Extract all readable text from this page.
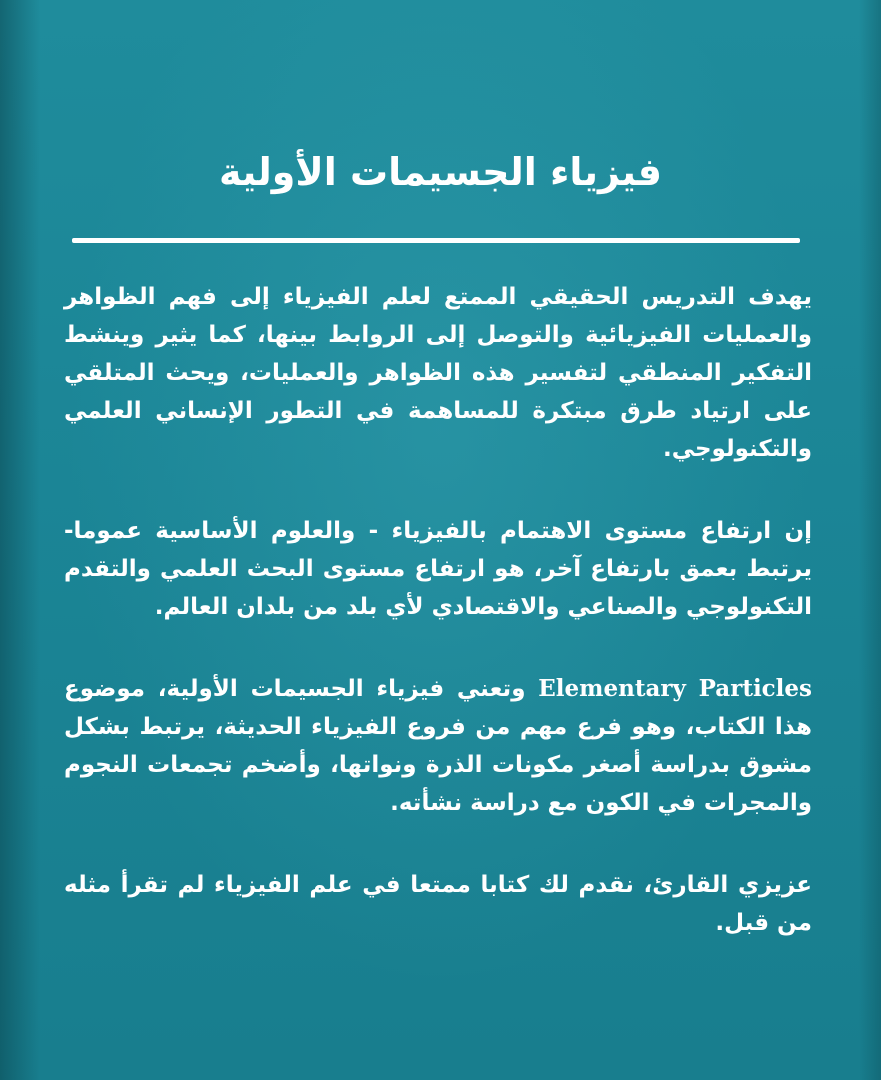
فيزياء الجسيمات الأولية

يهدف التدريس الحقيقي الممتع لعلم الفيزياء إلى فهم الظواهر والعمليات الفيزيائية والتوصل إلى الروابط بينها، كما يثير وينشط التفكير المنطقي لتفسير هذه الظواهر والعمليات، ويحث المتلقي على ارتياد طرق مبتكرة للمساهمة في التطور الإنساني العلمي والتكنولوجي.

إن ارتفاع مستوى الاهتمام بالفيزياء - والعلوم الأساسية عموما- يرتبط بعمق بارتفاع آخر، هو ارتفاع مستوى البحث العلمي والتقدم التكنولوجي والصناعي والاقتصادي لأي بلد من بلدان العالم.

Elementary Particles وتعني فيزياء الجسيمات الأولية، موضوع هذا الكتاب، وهو فرع مهم من فروع الفيزياء الحديثة، يرتبط بشكل مشوق بدراسة أصغر مكونات الذرة ونواتها، وأضخم تجمعات النجوم والمجرات في الكون مع دراسة نشأته.

عزيزي القارئ، نقدم لك كتابا ممتعا في علم الفيزياء لم تقرأ مثله من قبل.
